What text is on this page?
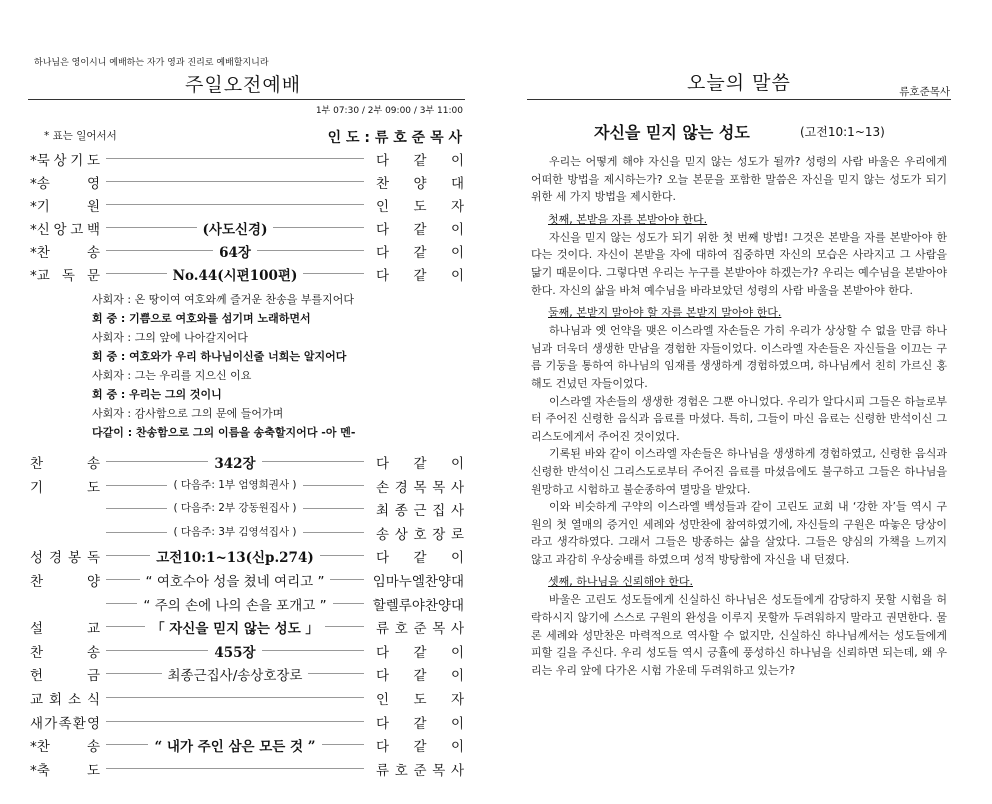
하나님은 영이시니 예배하는 자가 영과 진리로 예배할지니라
주일오전예배
1부 07:30 / 2부 09:00 / 3부 11:00
* 표는 일어서서	인 도 : 류 호 준 목 사
*묵 상 기 도	다 같 이
*송	영	찬 양 대
*기	원	인 도 자
*신 앙 고 백	(사도신경)	다 같 이
*찬	송	64장	다 같 이
*교 독 문	No.44(시편100편)	다 같 이
사회자 : 온 땅이여 여호와께 즐거운 찬송을 부를지어다
회 중 : 기쁨으로 여호와를 섬기며 노래하면서
사회자 : 그의 앞에 나아갈지어다
회 중 : 여호와가 우리 하나님이신줄 너희는 알지어다
사회자 : 그는 우리를 지으신 이요
회 중 : 우리는 그의 것이니
사회자 : 감사함으로 그의 문에 들어가며
다같이 : 찬송함으로 그의 이름을 송축할지어다 -아 멘-
찬	송	342장	다 같 이
기	도	( 다음주: 1부 엄영희권사 )	손 경 목 목 사
( 다음주: 2부 강동원집사 )	최 종 근 집 사
( 다음주: 3부 김영석집사 )	송 상 호 장 로
성 경 봉 독	고전10:1~13(신p.274)	다 같 이
찬	양	“ 여호수아 성을 쳤네 여리고 ”	임마누엘찬양대
“ 주의 손에 나의 손을 포개고 ”	할렐루야찬양대
설	교	「 자신을 믿지 않는 성도 」	류 호 준 목 사
찬	송	455장	다 같 이
헌	금	최종근집사/송상호장로	다 같 이
교 회 소 식	인 도 자
새 가 족 환 영	다 같 이
*찬	송	“ 내가 주인 삼은 모든 것 ”	다 같 이
*축	도	류 호 준 목 사
오늘의 말씀	류호준목사
자신을 믿지 않는 성도	(고전10:1~13)
우리는 어떻게 해야 자신을 믿지 않는 성도가 될까? 성령의 사람 바울은 우리에게 어떠한 방법을 제시하는가? 오늘 본문을 포함한 말씀은 자신을 믿지 않는 성도가 되기 위한 세 가지 방법을 제시한다.
첫째, 본받을 자를 본받아야 한다.
자신을 믿지 않는 성도가 되기 위한 첫 번째 방법! 그것은 본받을 자를 본받아야 한다는 것이다. 자신이 본받을 자에 대하여 집중하면 자신의 모습은 사라지고 그 사람을 닮기 때문이다. 그렇다면 우리는 누구를 본받아야 하겠는가? 우리는 예수님을 본받아야 한다. 자신의 삶을 바쳐 예수님을 바라보았던 성령의 사람 바울을 본받아야 한다.
둘째, 본받지 말아야 할 자를 본받지 말아야 한다.
하나님과 옛 언약을 맺은 이스라엘 자손들은 가히 우리가 상상할 수 없을 만큼 하나님과 더욱더 생생한 만남을 경험한 자들이었다. 이스라엘 자손들은 자신들을 이끄는 구름 기둥을 통하여 하나님의 임재를 생생하게 경험하였으며, 하나님께서 친히 가르신 홍해도 건넜던 자들이었다.
이스라엘 자손들의 생생한 경험은 그뿐 아니었다. 우리가 알다시피 그들은 하늘로부터 주어진 신령한 음식과 음료를 마셨다. 특히, 그들이 마신 음료는 신령한 반석이신 그리스도에게서 주어진 것이었다.
기록된 바와 같이 이스라엘 자손들은 하나님을 생생하게 경험하였고, 신령한 음식과 신령한 반석이신 그리스도로부터 주어진 음료를 마셨음에도 불구하고 그들은 하나님을 원망하고 시험하고 불순종하여 멸망을 받았다.
이와 비슷하게 구약의 이스라엘 백성들과 같이 고린도 교회 내 ‘강한 자’들 역시 구원의 첫 열매의 증거인 세례와 성만찬에 참여하였기에, 자신들의 구원은 따놓은 당상이라고 생각하였다. 그래서 그들은 방종하는 삶을 살았다. 그들은 양심의 가책을 느끼지 않고 과감히 우상숭배를 하였으며 성적 방탕함에 자신을 내 던졌다.
셋째, 하나님을 신뢰해야 한다.
바울은 고린도 성도들에게 신실하신 하나님은 성도들에게 감당하지 못할 시험을 허락하시지 않기에 스스로 구원의 완성을 이루지 못할까 두려워하지 말라고 권면한다. 물론 세례와 성만찬은 마력적으로 역사할 수 없지만, 신실하신 하나님께서는 성도들에게 피할 길을 주신다. 우리 성도들 역시 긍휼에 풍성하신 하나님을 신뢰하면 되는데, 왜 우리는 우리 앞에 다가온 시험 가운데 두려워하고 있는가?
